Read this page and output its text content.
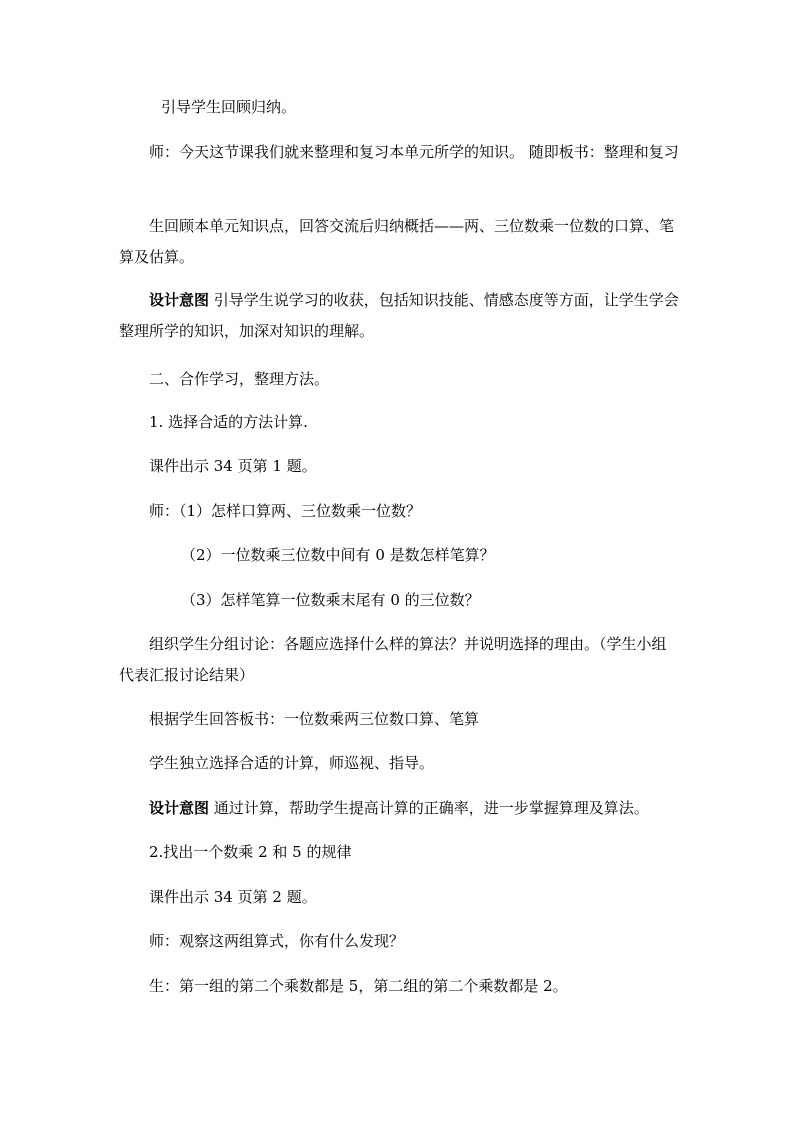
引导学生回顾归纳。

师：今天这节课我们就来整理和复习本单元所学的知识。 随即板书：整理和复习

生回顾本单元知识点，回答交流后归纳概括——两、三位数乘一位数的口算、笔算及估算。

设计意图 引导学生说学习的收获，包括知识技能、情感态度等方面，让学生学会整理所学的知识，加深对知识的理解。

二、合作学习，整理方法。

1. 选择合适的方法计算.

课件出示 34 页第 1 题。

师：（1）怎样口算两、三位数乘一位数？

（2）一位数乘三位数中间有 0 是数怎样笔算？

（3）怎样笔算一位数乘末尾有 0 的三位数？

组织学生分组讨论：各题应选择什么样的算法？并说明选择的理由。（学生小组代表汇报讨论结果）

根据学生回答板书：一位数乘两三位数口算、笔算

学生独立选择合适的计算，师巡视、指导。

设计意图 通过计算，帮助学生提高计算的正确率，进一步掌握算理及算法。

2.找出一个数乘 2 和 5 的规律

课件出示 34 页第 2 题。

师：观察这两组算式，你有什么发现？

生：第一组的第二个乘数都是 5，第二组的第二个乘数都是 2。
